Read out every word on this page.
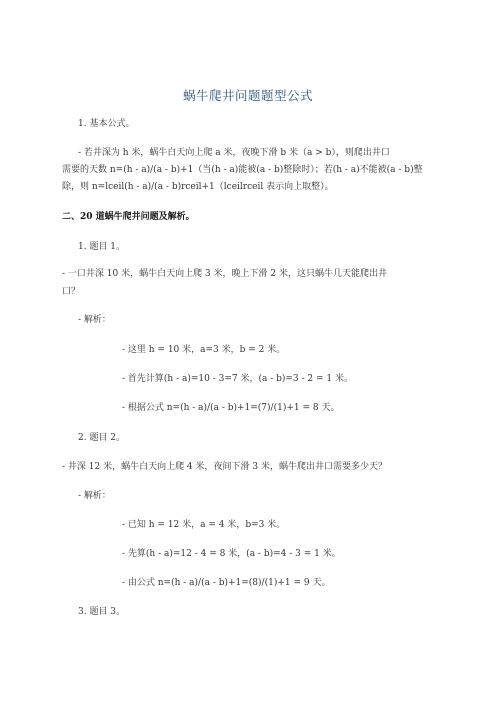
蜗牛爬井问题题型公式
1. 基本公式。
- 若井深为 h 米，蜗牛白天向上爬 a 米，夜晚下滑 b 米（a > b），则爬出井口
需要的天数 n=(h - a)/(a - b)+1（当(h - a)能被(a - b)整除时）；若(h - a)不能被(a - b)整
除，则 n=lceil(h - a)/(a - b)rceil+1（lceilrceil 表示向上取整）。
二、20 道蜗牛爬井问题及解析。
1. 题目 1。
- 一口井深 10 米，蜗牛白天向上爬 3 米，晚上下滑 2 米，这只蜗牛几天能爬出井
口？
- 解析：
- 这里 h = 10 米，a=3 米，b = 2 米。
- 首先计算(h - a)=10 - 3=7 米，(a - b)=3 - 2 = 1 米。
- 根据公式 n=(h - a)/(a - b)+1=(7)/(1)+1 = 8 天。
2. 题目 2。
- 井深 12 米，蜗牛白天向上爬 4 米，夜间下滑 3 米，蜗牛爬出井口需要多少天？
- 解析：
- 已知 h = 12 米，a = 4 米，b=3 米。
- 先算(h - a)=12 - 4 = 8 米，(a - b)=4 - 3 = 1 米。
- 由公式 n=(h - a)/(a - b)+1=(8)/(1)+1 = 9 天。
3. 题目 3。
